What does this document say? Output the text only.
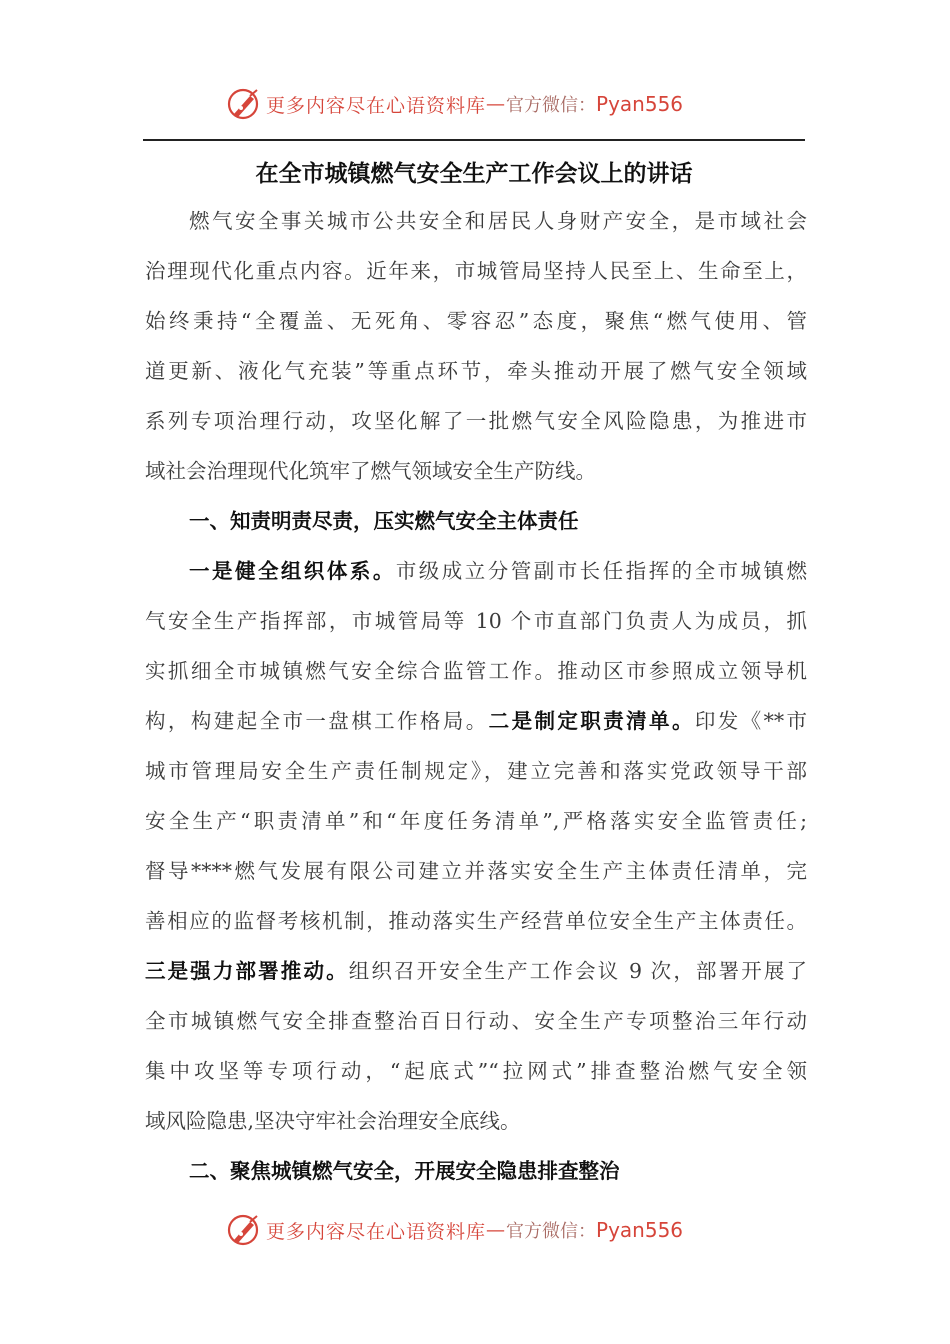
更多内容尽在心语资料库 — 官方微信： Pyan556
在全市城镇燃气安全生产工作会议上的讲话
燃气安全事关城市公共安全和居民人身财产安全，是市域社会
治理现代化重点内容。近年来，市城管局坚持人民至上、生命至上，
始终秉持“全覆盖、无死角、零容忍”态度，聚焦“燃气使用、管
道更新、液化气充装”等重点环节，牵头推动开展了燃气安全领域
系列专项治理行动，攻坚化解了一批燃气安全风险隐患，为推进市
域社会治理现代化筑牢了燃气领域安全生产防线。
一、知责明责尽责，压实燃气安全主体责任
一是健全组织体系。市级成立分管副市长任指挥的全市城镇燃
气安全生产指挥部，市城管局等 10 个市直部门负责人为成员，抓
实抓细全市城镇燃气安全综合监管工作。推动区市参照成立领导机
构，构建起全市一盘棋工作格局。二是制定职责清单。印发《**市
城市管理局安全生产责任制规定》，建立完善和落实党政领导干部
安全生产“职责清单”和“年度任务清单”,严格落实安全监管责任;
督导****燃气发展有限公司建立并落实安全生产主体责任清单，完
善相应的监督考核机制，推动落实生产经营单位安全生产主体责任。
三是强力部署推动。组织召开安全生产工作会议 9 次，部署开展了
全市城镇燃气安全排查整治百日行动、安全生产专项整治三年行动
集中攻坚等专项行动，“起底式”“拉网式”排查整治燃气安全领
域风险隐患,坚决守牢社会治理安全底线。
二、聚焦城镇燃气安全，开展安全隐患排查整治
更多内容尽在心语资料库 — 官方微信： Pyan556
